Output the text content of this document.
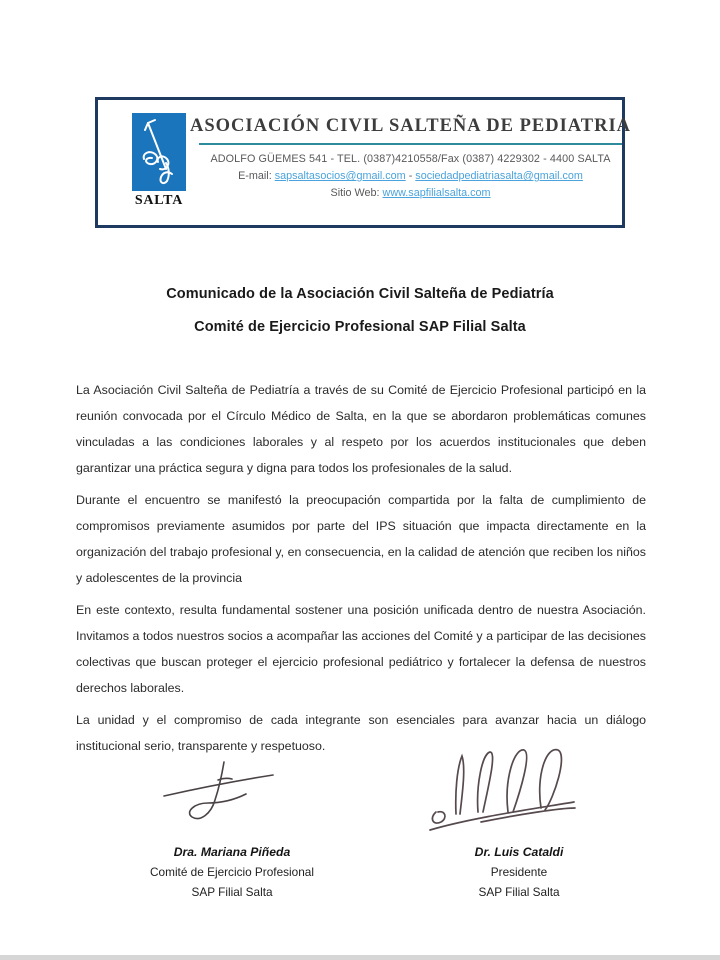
SALTA
ASOCIACIÓN CIVIL SALTEÑA DE PEDIATRIA
ADOLFO GÜEMES 541 - TEL. (0387)4210558/Fax (0387) 4229302 - 4400 SALTA
E-mail: sapsaltasocios@gmail.com - sociedadpediatriasalta@gmail.com
Sitio Web: www.sapfilialsalta.com
Comunicado de la Asociación Civil Salteña de Pediatría
Comité de Ejercicio Profesional SAP Filial Salta

La Asociación Civil Salteña de Pediatría a través de su Comité de Ejercicio Profesional participó en la reunión convocada por el Círculo Médico de Salta, en la que se abordaron problemáticas comunes vinculadas a las condiciones laborales y al respeto por los acuerdos institucionales que deben garantizar una práctica segura y digna para todos los profesionales de la salud.

Durante el encuentro se manifestó la preocupación compartida por la falta de cumplimiento de compromisos previamente asumidos por parte del IPS situación que impacta directamente en la organización del trabajo profesional y, en consecuencia, en la calidad de atención que reciben los niños y adolescentes de la provincia

En este contexto, resulta fundamental sostener una posición unificada dentro de nuestra Asociación. Invitamos a todos nuestros socios a acompañar las acciones del Comité y a participar de las decisiones colectivas que buscan proteger el ejercicio profesional pediátrico y fortalecer la defensa de nuestros derechos laborales.

La unidad y el compromiso de cada integrante son esenciales para avanzar hacia un diálogo institucional serio, transparente y respetuoso.

Dra. Mariana Piñeda
Comité de Ejercicio Profesional
SAP Filial Salta
Dr. Luis Cataldi
Presidente
SAP Filial Salta
